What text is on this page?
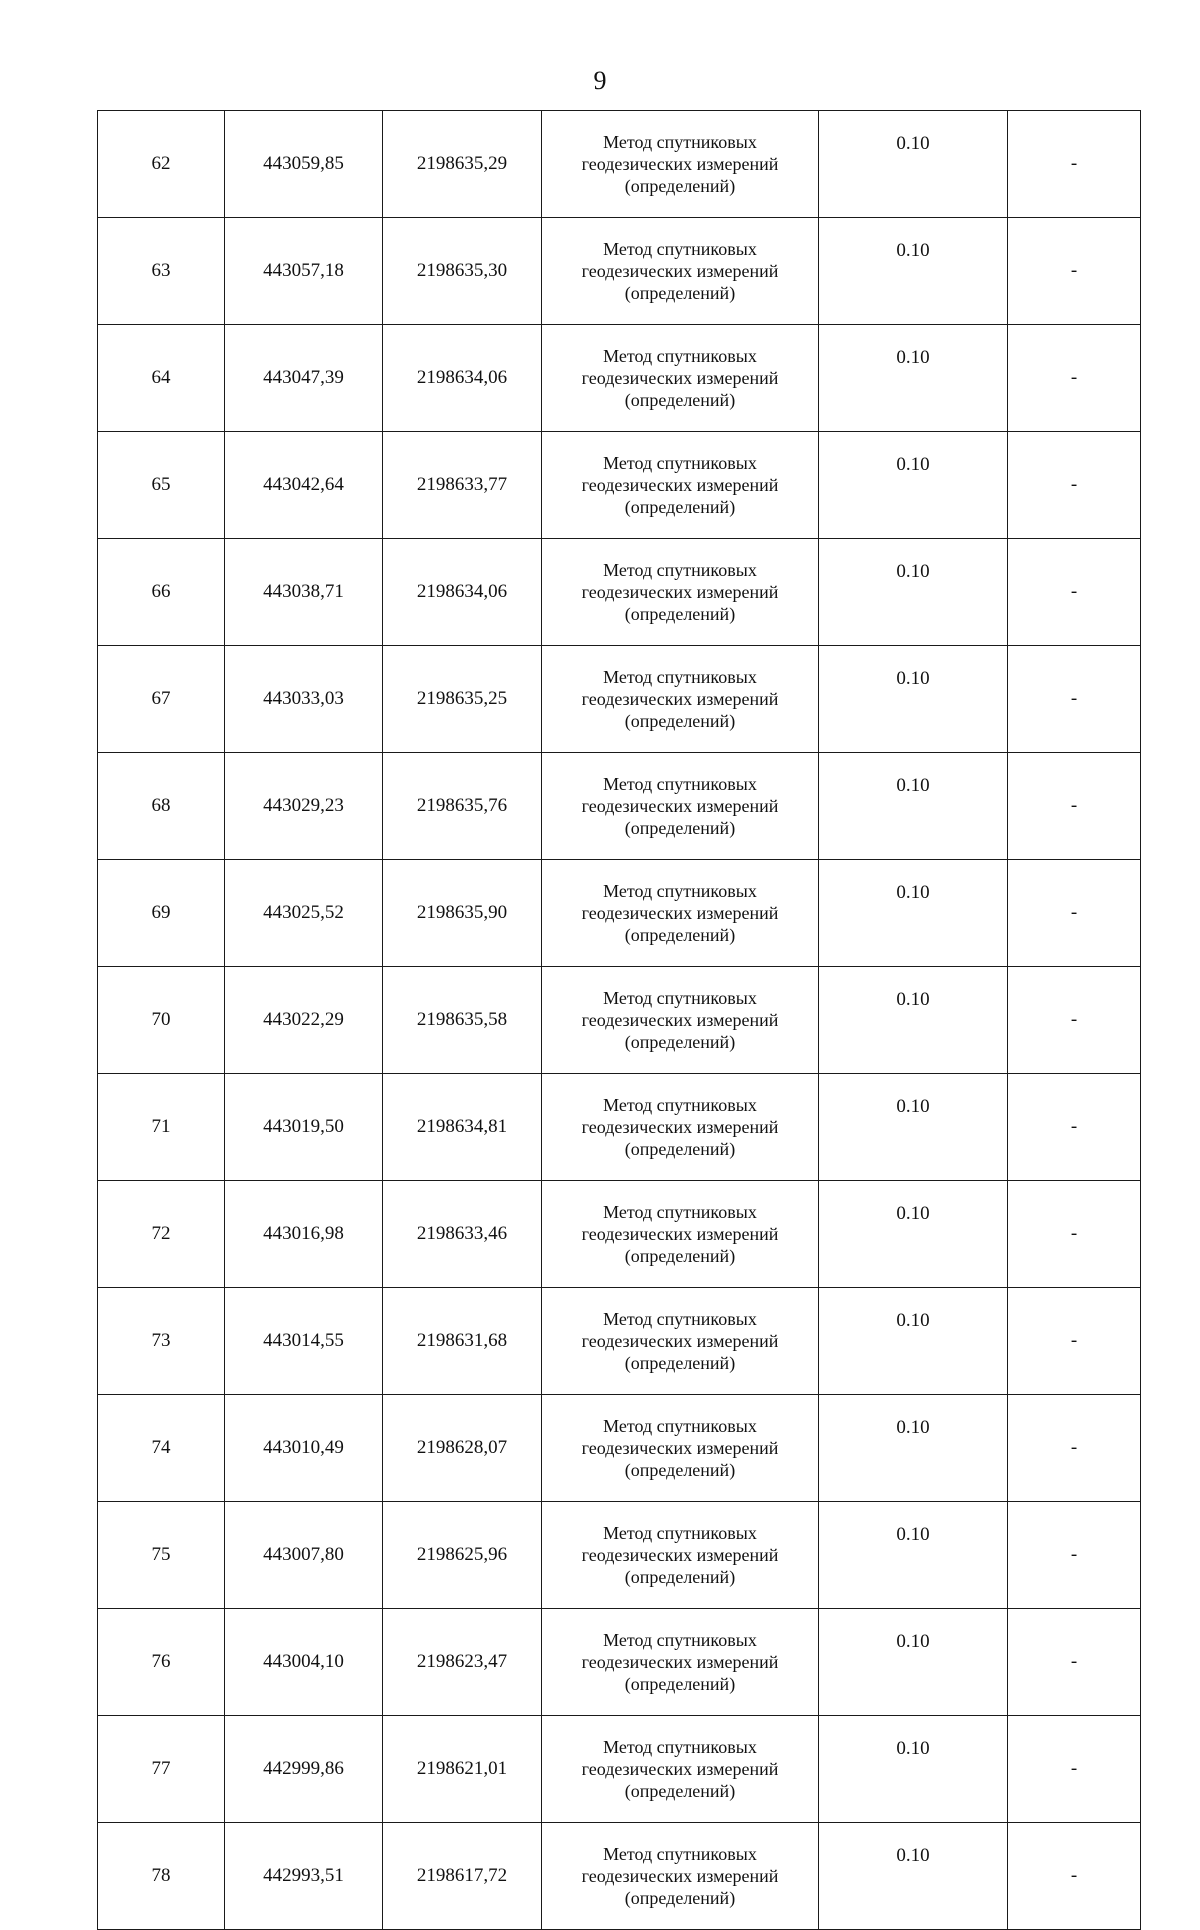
9
62	443059,85	2198635,29	Метод спутниковых
геодезических измерений
(определений)	0.10	-
63	443057,18	2198635,30	Метод спутниковых
геодезических измерений
(определений)	0.10	-
64	443047,39	2198634,06	Метод спутниковых
геодезических измерений
(определений)	0.10	-
65	443042,64	2198633,77	Метод спутниковых
геодезических измерений
(определений)	0.10	-
66	443038,71	2198634,06	Метод спутниковых
геодезических измерений
(определений)	0.10	-
67	443033,03	2198635,25	Метод спутниковых
геодезических измерений
(определений)	0.10	-
68	443029,23	2198635,76	Метод спутниковых
геодезических измерений
(определений)	0.10	-
69	443025,52	2198635,90	Метод спутниковых
геодезических измерений
(определений)	0.10	-
70	443022,29	2198635,58	Метод спутниковых
геодезических измерений
(определений)	0.10	-
71	443019,50	2198634,81	Метод спутниковых
геодезических измерений
(определений)	0.10	-
72	443016,98	2198633,46	Метод спутниковых
геодезических измерений
(определений)	0.10	-
73	443014,55	2198631,68	Метод спутниковых
геодезических измерений
(определений)	0.10	-
74	443010,49	2198628,07	Метод спутниковых
геодезических измерений
(определений)	0.10	-
75	443007,80	2198625,96	Метод спутниковых
геодезических измерений
(определений)	0.10	-
76	443004,10	2198623,47	Метод спутниковых
геодезических измерений
(определений)	0.10	-
77	442999,86	2198621,01	Метод спутниковых
геодезических измерений
(определений)	0.10	-
78	442993,51	2198617,72	Метод спутниковых
геодезических измерений
(определений)	0.10	-
